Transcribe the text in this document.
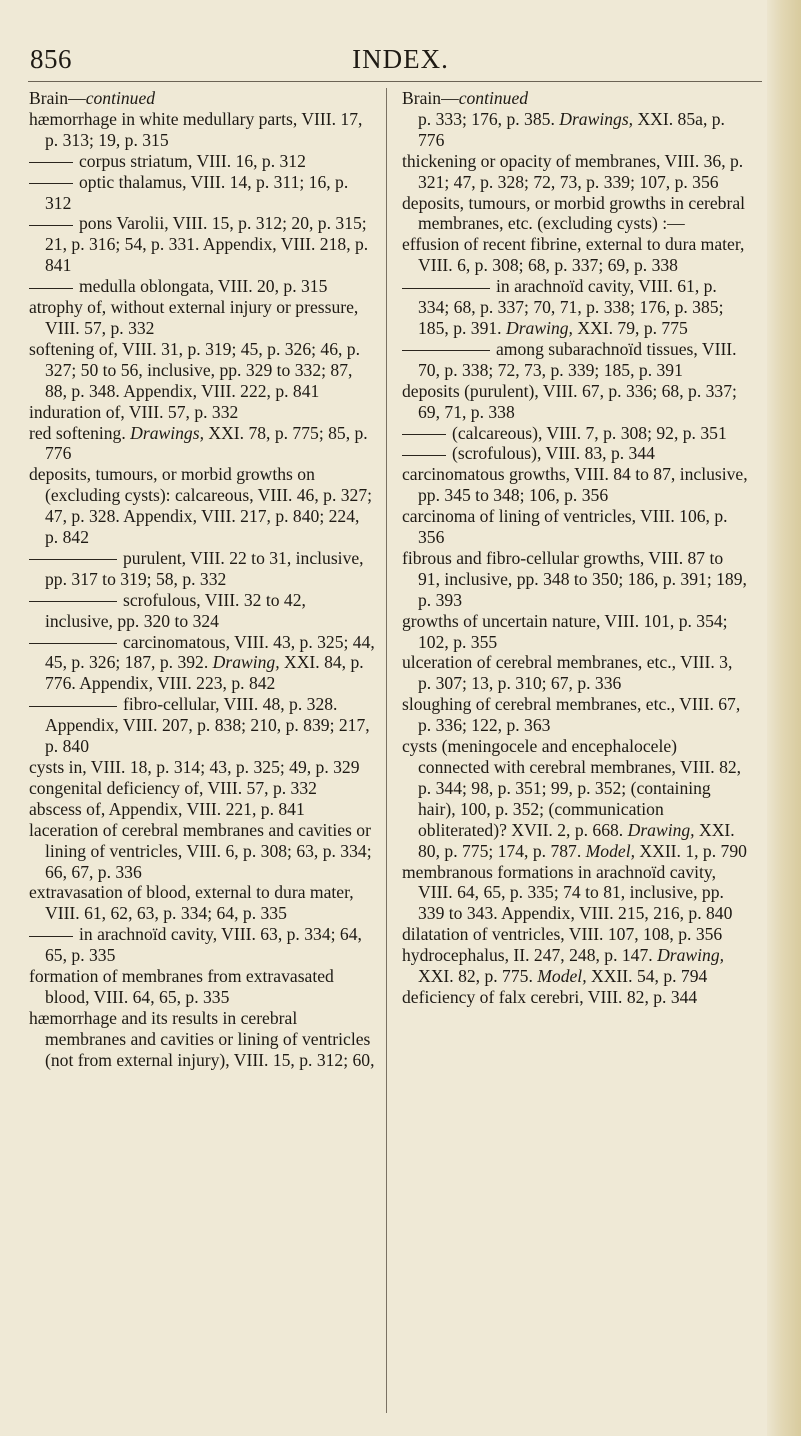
856	INDEX.

Brain—continued

hæmorrhage in white medullary parts, VIII. 17, p. 313; 19, p. 315

corpus striatum, VIII. 16, p. 312

optic thalamus, VIII. 14, p. 311; 16, p. 312

pons Varolii, VIII. 15, p. 312; 20, p. 315; 21, p. 316; 54, p. 331. Appendix, VIII. 218, p. 841

medulla oblongata, VIII. 20, p. 315

atrophy of, without external injury or pressure, VIII. 57, p. 332

softening of, VIII. 31, p. 319; 45, p. 326; 46, p. 327; 50 to 56, inclusive, pp. 329 to 332; 87, 88, p. 348. Appendix, VIII. 222, p. 841

induration of, VIII. 57, p. 332

red softening. Drawings, XXI. 78, p. 775; 85, p. 776

deposits, tumours, or morbid growths on (excluding cysts): calcareous, VIII. 46, p. 327; 47, p. 328. Appendix, VIII. 217, p. 840; 224, p. 842

purulent, VIII. 22 to 31, inclusive, pp. 317 to 319; 58, p. 332

scrofulous, VIII. 32 to 42, inclusive, pp. 320 to 324

carcinomatous, VIII. 43, p. 325; 44, 45, p. 326; 187, p. 392. Drawing, XXI. 84, p. 776. Appendix, VIII. 223, p. 842

fibro-cellular, VIII. 48, p. 328. Appendix, VIII. 207, p. 838; 210, p. 839; 217, p. 840

cysts in, VIII. 18, p. 314; 43, p. 325; 49, p. 329

congenital deficiency of, VIII. 57, p. 332

abscess of, Appendix, VIII. 221, p. 841

laceration of cerebral membranes and cavities or lining of ventricles, VIII. 6, p. 308; 63, p. 334; 66, 67, p. 336

extravasation of blood, external to dura mater, VIII. 61, 62, 63, p. 334; 64, p. 335

in arachnoïd cavity, VIII. 63, p. 334; 64, 65, p. 335

formation of membranes from extravasated blood, VIII. 64, 65, p. 335

hæmorrhage and its results in cerebral membranes and cavities or lining of ventricles (not from external injury), VIII. 15, p. 312; 60,

Brain—continued

p. 333; 176, p. 385. Drawings, XXI. 85a, p. 776

thickening or opacity of membranes, VIII. 36, p. 321; 47, p. 328; 72, 73, p. 339; 107, p. 356

deposits, tumours, or morbid growths in cerebral membranes, etc. (excluding cysts) :—

effusion of recent fibrine, external to dura mater, VIII. 6, p. 308; 68, p. 337; 69, p. 338

in arachnoïd cavity, VIII. 61, p. 334; 68, p. 337; 70, 71, p. 338; 176, p. 385; 185, p. 391. Drawing, XXI. 79, p. 775

among subarachnoïd tissues, VIII. 70, p. 338; 72, 73, p. 339; 185, p. 391

deposits (purulent), VIII. 67, p. 336; 68, p. 337; 69, 71, p. 338

(calcareous), VIII. 7, p. 308; 92, p. 351

(scrofulous), VIII. 83, p. 344

carcinomatous growths, VIII. 84 to 87, inclusive, pp. 345 to 348; 106, p. 356

carcinoma of lining of ventricles, VIII. 106, p. 356

fibrous and fibro-cellular growths, VIII. 87 to 91, inclusive, pp. 348 to 350; 186, p. 391; 189, p. 393

growths of uncertain nature, VIII. 101, p. 354; 102, p. 355

ulceration of cerebral membranes, etc., VIII. 3, p. 307; 13, p. 310; 67, p. 336

sloughing of cerebral membranes, etc., VIII. 67, p. 336; 122, p. 363

cysts (meningocele and encephalocele) connected with cerebral membranes, VIII. 82, p. 344; 98, p. 351; 99, p. 352; (containing hair), 100, p. 352; (communication obliterated)? XVII. 2, p. 668. Drawing, XXI. 80, p. 775; 174, p. 787. Model, XXII. 1, p. 790

membranous formations in arachnoïd cavity, VIII. 64, 65, p. 335; 74 to 81, inclusive, pp. 339 to 343. Appendix, VIII. 215, 216, p. 840

dilatation of ventricles, VIII. 107, 108, p. 356

hydrocephalus, II. 247, 248, p. 147. Drawing, XXI. 82, p. 775. Model, XXII. 54, p. 794

deficiency of falx cerebri, VIII. 82, p. 344
